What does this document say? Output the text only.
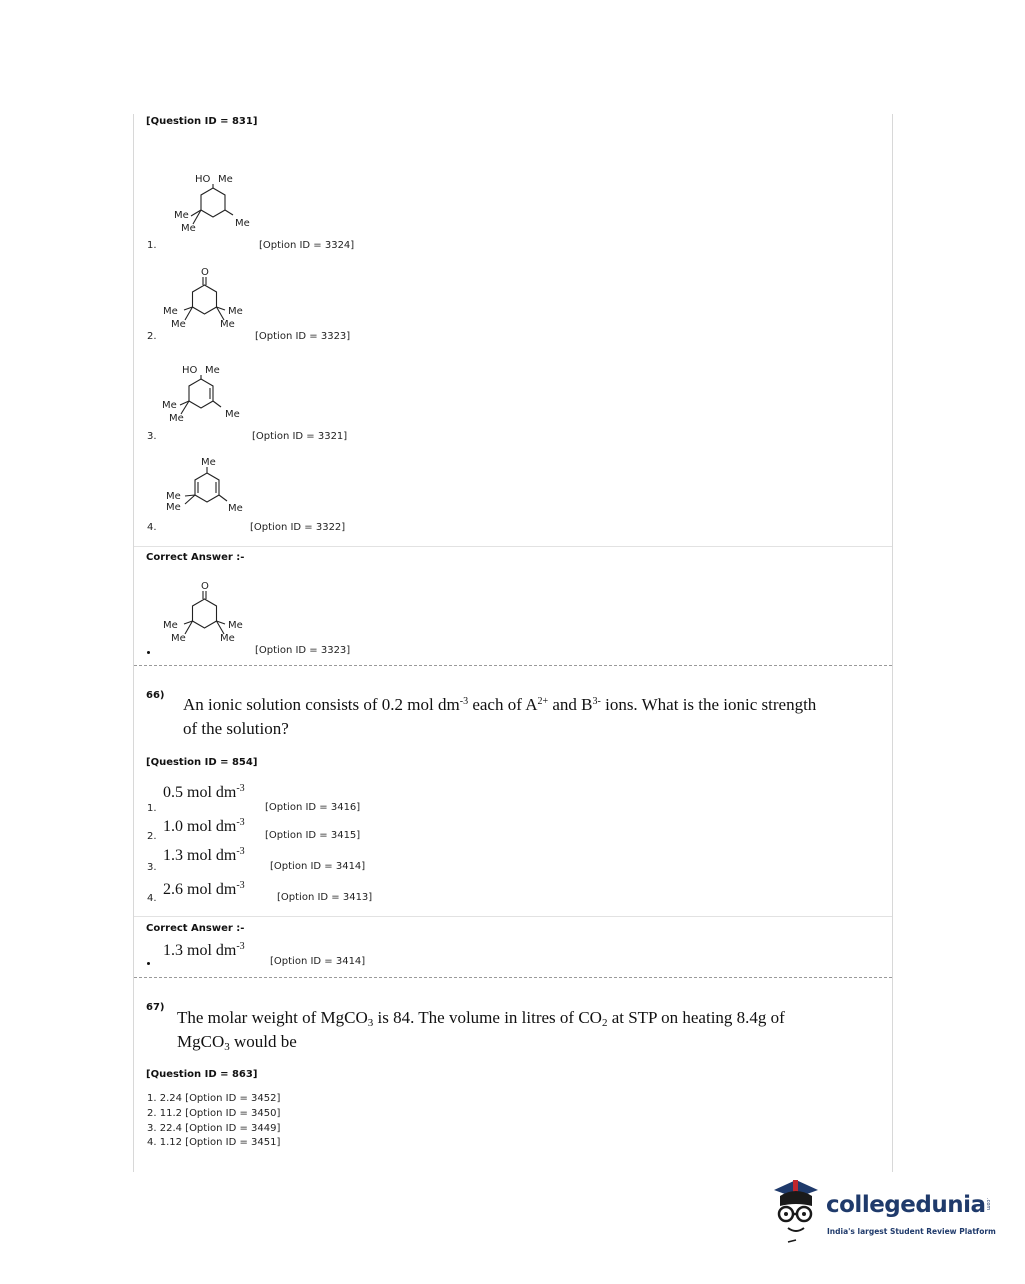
[Question ID = 831]
HO Me
Me
Me	Me
1.	[Option ID = 3324]
O
Me
Me
Me
Me
2.	[Option ID = 3323]
HO Me
Me
Me	Me
3.	[Option ID = 3321]
Me
Me
Me	Me
4.	[Option ID = 3322]
Correct Answer :-
O
Me
Me
Me
Me
[Option ID = 3323]
66) An ionic solution consists of 0.2 mol $dm^{-3}$ each of $A^{2+}$ and $B^{3-}$ ions. What is the ionic strength
of the solution?
[Question ID = 854]
1.
0.5 mol $dm^{-3}$
[Option ID = 3416]
2.
1.0 mol $dm^{-3}$
[Option ID = 3415]
3.
1.3 mol $dm^{-3}$
[Option ID = 3414]
4.
2.6 mol $dm^{-3}$
[Option ID = 3413]
Correct Answer :-
1.3 mol $dm^{-3}$
[Option ID = 3414]
67)
The molar weight of MgCO$_3$ is 84. The volume in litres of $CO_2$ at STP on heating 8.4g of
MgCO$_3$ would be
[Question ID = 863]
1. 2.24 [Option ID = 3452]
2. 11.2 [Option ID = 3450]
3. 22.4 [Option ID = 3449]
4. 1.12 [Option ID = 3451]
collegedunia .com
India's largest Student Review Platform
